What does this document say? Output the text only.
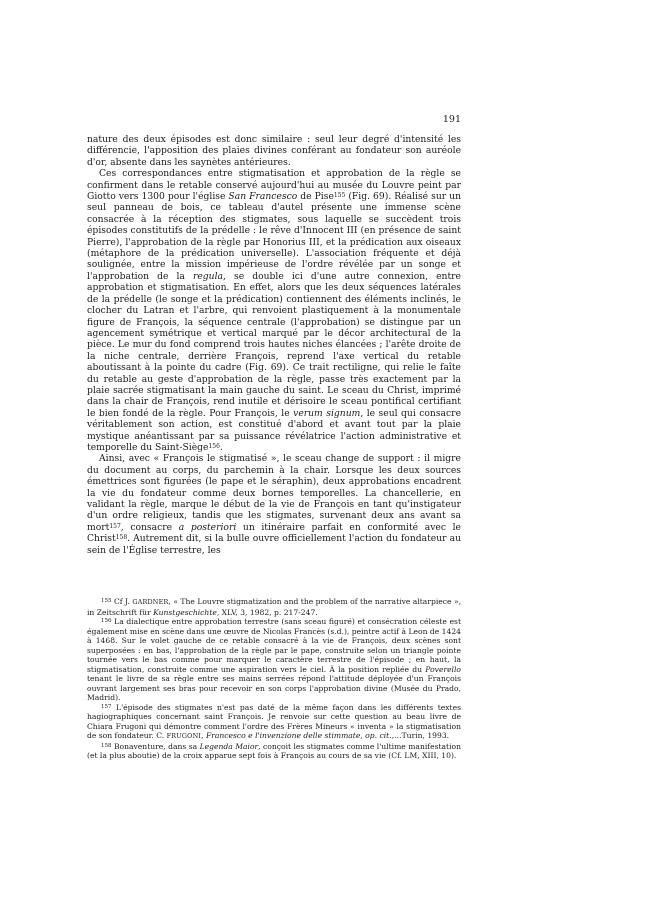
191

nature des deux épisodes est donc similaire : seul leur degré d'intensité les différencie, l'apposition des plaies divines conférant au fondateur son auréole d'or, absente dans les saynètes antérieures.

Ces correspondances entre stigmatisation et approbation de la règle se confirment dans le retable conservé aujourd'hui au musée du Louvre peint par Giotto vers 1300 pour l'église San Francesco de Pise$^{155}$ (Fig. 69). Réalisé sur un seul panneau de bois, ce tableau d'autel présente une immense scène consacrée à la réception des stigmates, sous laquelle se succèdent trois épisodes constitutifs de la prédelle : le rêve d'Innocent III (en présence de saint Pierre), l'approbation de la règle par Honorius III, et la prédication aux oiseaux (métaphore de la prédication universelle). L'association fréquente et déjà soulignée, entre la mission impérieuse de l'ordre révélée par un songe et l'approbation de la regula, se double ici d'une autre connexion, entre approbation et stigmatisation. En effet, alors que les deux séquences latérales de la prédelle (le songe et la prédication) contiennent des éléments inclinés, le clocher du Latran et l'arbre, qui renvoient plastiquement à la monumentale figure de François, la séquence centrale (l'approbation) se distingue par un agencement symétrique et vertical marqué par le décor architectural de la pièce. Le mur du fond comprend trois hautes niches élancées ; l'arête droite de la niche centrale, derrière François, reprend l'axe vertical du retable aboutissant à la pointe du cadre (Fig. 69). Ce trait rectiligne, qui relie le faîte du retable au geste d'approbation de la règle, passe très exactement par la plaie sacrée stigmatisant la main gauche du saint. Le sceau du Christ, imprimé dans la chair de François, rend inutile et dérisoire le sceau pontifical certifiant le bien fondé de la règle. Pour François, le verum signum, le seul qui consacre véritablement son action, est constitué d'abord et avant tout par la plaie mystique anéantissant par sa puissance révélatrice l'action administrative et temporelle du Saint-Siège$^{156}$.

Ainsi, avec « François le stigmatisé », le sceau change de support : il migre du document au corps, du parchemin à la chair. Lorsque les deux sources émettrices sont figurées (le pape et le séraphin), deux approbations encadrent la vie du fondateur comme deux bornes temporelles. La chancellerie, en validant la règle, marque le début de la vie de François en tant qu'instigateur d'un ordre religieux, tandis que les stigmates, survenant deux ans avant sa mort$^{157}$, consacre a posteriori un itinéraire parfait en conformité avec le Christ$^{158}$. Autrement dit, si la bulle ouvre officiellement l'action du fondateur au sein de l'Église terrestre, les

$^{155}$ Cf J. GARDNER, « The Louvre stigmatization and the problem of the narrative altarpiece », in Zeitschrift für Kunstgeschichte, XLV, 3, 1982, p. 217-247.

$^{156}$ La dialectique entre approbation terrestre (sans sceau figuré) et consécration céleste est également mise en scène dans une œuvre de Nicolas Francès (s.d.), peintre actif à Leon de 1424 à 1468. Sur le volet gauche de ce retable consacré à la vie de François, deux scènes sont superposées : en bas, l'approbation de la règle par le pape, construite selon un triangle pointe tournée vers le bas comme pour marquer le caractère terrestre de l'épisode ; en haut, la stigmatisation, construite comme une aspiration vers le ciel. À la position repliée du Poverello tenant le livre de sa règle entre ses mains serrées répond l'attitude déployée d'un François ouvrant largement ses bras pour recevoir en son corps l'approbation divine (Musée du Prado, Madrid).

$^{157}$ L'épisode des stigmates n'est pas daté de la même façon dans les différents textes hagiographiques concernant saint François. Je renvoie sur cette question au beau livre de Chiara Frugoni qui démontre comment l'ordre des Frères Mineurs « inventa » la stigmatisation de son fondateur. C. FRUGONI, Francesco e l'invenzione delle stimmate, op. cit.,…Turin, 1993.

$^{158}$ Bonaventure, dans sa Legenda Maior, conçoit les stigmates comme l'ultime manifestation (et la plus aboutie) de la croix apparue sept fois à François au cours de sa vie (Cf. LM, XIII, 10).
